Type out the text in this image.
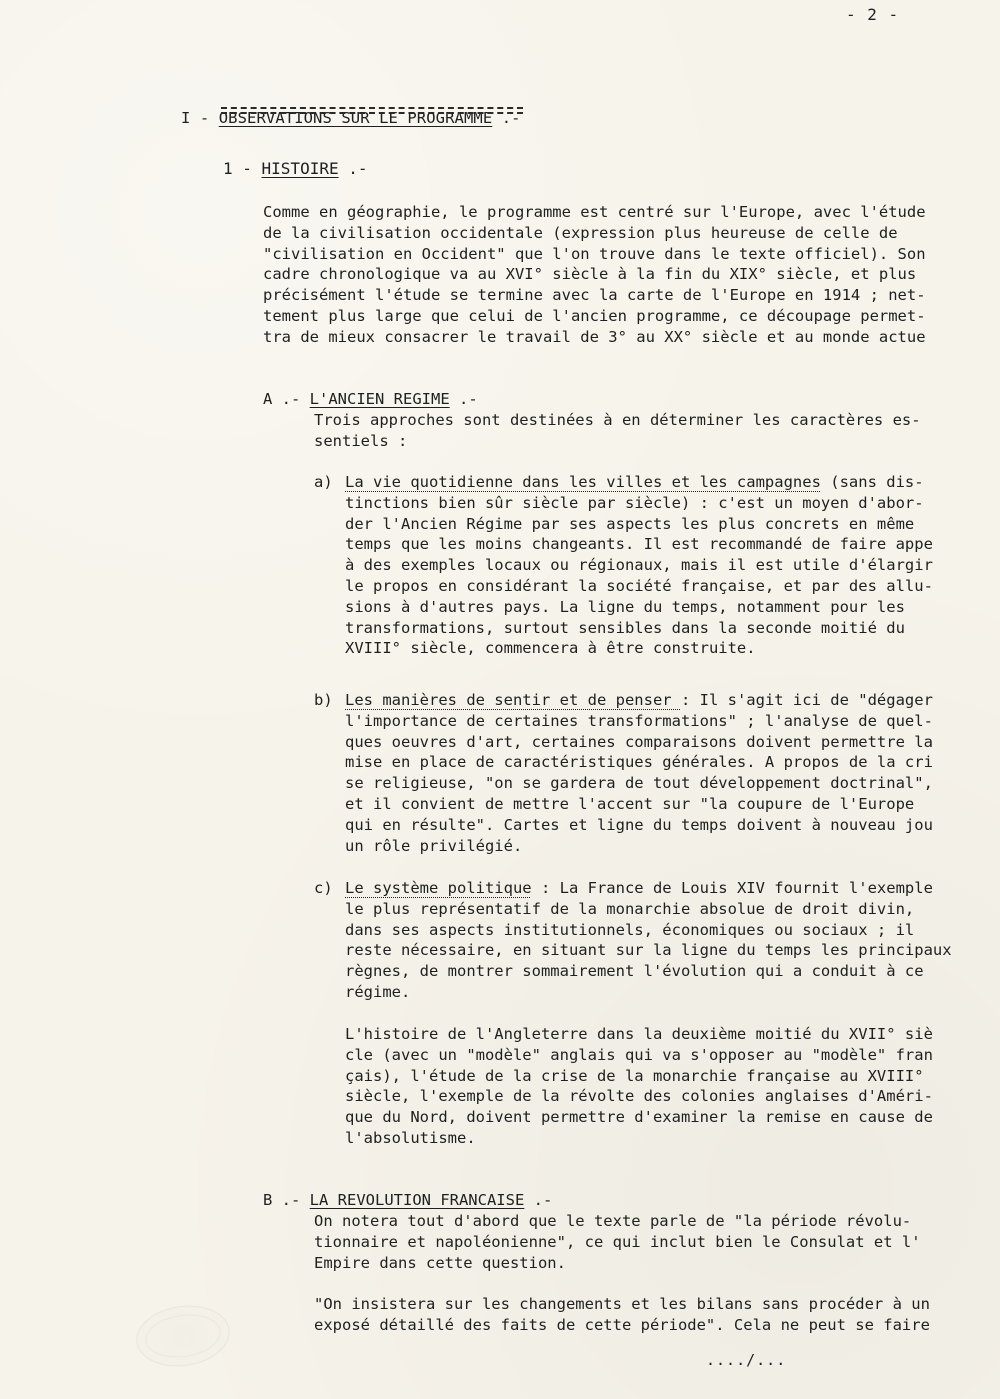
- 2 -

I - OBSERVATIONS SUR LE PROGRAMME .-

1 - HISTOIRE .-

Comme en géographie, le programme est centré sur l'Europe, avec l'étude
de la civilisation occidentale (expression plus heureuse de celle de
"civilisation en Occident" que l'on trouve dans le texte officiel). Son
cadre chronologique va au XVI° siècle à la fin du XIX° siècle, et plus
précisément l'étude se termine avec la carte de l'Europe en 1914 ; net-
tement plus large que celui de l'ancien programme, ce découpage permet-
tra de mieux consacrer le travail de 3° au XX° siècle et au monde actue

A .- L'ANCIEN REGIME .-

Trois approches sont destinées à en déterminer les caractères es-
sentiels :

a) La vie quotidienne dans les villes et les campagnes (sans dis-
tinctions bien sûr siècle par siècle) : c'est un moyen d'abor-
der l'Ancien Régime par ses aspects les plus concrets en même
temps que les moins changeants. Il est recommandé de faire appe
à des exemples locaux ou régionaux, mais il est utile d'élargir
le propos en considérant la société française, et par des allu-
sions à d'autres pays. La ligne du temps, notamment pour les
transformations, surtout sensibles dans la seconde moitié du
XVIII° siècle, commencera à être construite.

b) Les manières de sentir et de penser : Il s'agit ici de "dégager
l'importance de certaines transformations" ; l'analyse de quel-
ques oeuvres d'art, certaines comparaisons doivent permettre la
mise en place de caractéristiques générales. A propos de la cri
se religieuse, "on se gardera de tout développement doctrinal",
et il convient de mettre l'accent sur "la coupure de l'Europe
qui en résulte". Cartes et ligne du temps doivent à nouveau jou
un rôle privilégié.

c) Le système politique : La France de Louis XIV fournit l'exemple
le plus représentatif de la monarchie absolue de droit divin,
dans ses aspects institutionnels, économiques ou sociaux ; il
reste nécessaire, en situant sur la ligne du temps les principaux
règnes, de montrer sommairement l'évolution qui a conduit à ce
régime.

L'histoire de l'Angleterre dans la deuxième moitié du XVII° siè
cle (avec un "modèle" anglais qui va s'opposer au "modèle" fran
çais), l'étude de la crise de la monarchie française au XVIII°
siècle, l'exemple de la révolte des colonies anglaises d'Améri-
que du Nord, doivent permettre d'examiner la remise en cause de
l'absolutisme.

B .- LA REVOLUTION FRANCAISE .-

On notera tout d'abord que le texte parle de "la période révolu-
tionnaire et napoléonienne", ce qui inclut bien le Consulat et l'
Empire dans cette question.

"On insistera sur les changements et les bilans sans procéder à un
exposé détaillé des faits de cette période". Cela ne peut se faire

..../...
